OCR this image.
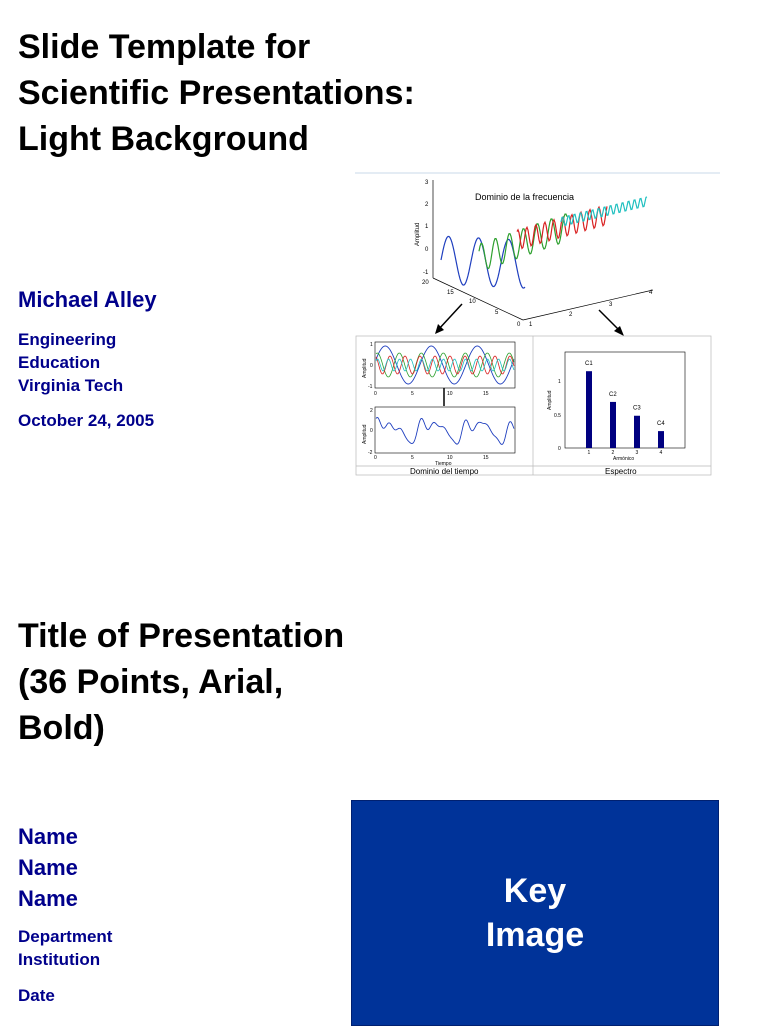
Slide Template for
Scientific Presentations:
Light Background
Michael Alley
Engineering
Education
Virginia Tech
October 24, 2005
Dominio de la frecuencia
Amplitud
3
2
1
0
-1
20
15
10
5
0 1
2
3
4
Dominio del tiempo	Espectro
Amplitud
1
0
-1
0	5	10	15
Amplitud
2
0
-2
0	5	10	15
Tiempo
Amplitud
Armónico
1
0.5
0
1
C1
2
C2
3
C3
4
C4
Title of Presentation
(36 Points, Arial,
Bold)
Name
Name
Name
Department
Institution
Date
Key
Image
